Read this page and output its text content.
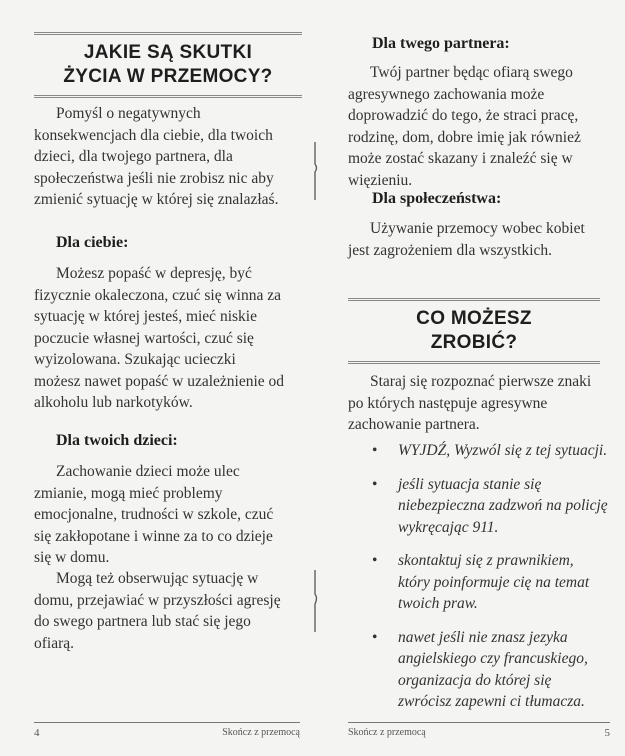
JAKIE SĄ SKUTKI
ŻYCIA W PRZEMOCY?

Pomyśl o negatywnych konsekwencjach dla ciebie, dla twoich dzieci, dla twojego partnera, dla społeczeństwa jeśli nie zrobisz nic aby zmienić sytuację w której się znalazłaś.

Dla ciebie:

Możesz popaść w depresję, być fizycznie okaleczona, czuć się winna za sytuację w której jesteś, mieć niskie poczucie własnej wartości, czuć się wyizolowana. Szukając ucieczki możesz nawet popaść w uzależnienie od alkoholu lub narkotyków.

Dla twoich dzieci:

Zachowanie dzieci może ulec zmianie, mogą mieć problemy emocjonalne, trudności w szkole, czuć się zakłopotane i winne za to co dzieje się w domu.

Mogą też obserwując sytuację w domu, przejawiać w przyszłości agresję do swego partnera lub stać się jego ofiarą.

4	Skończ z przemocą
Dla twego partnera:

Twój partner będąc ofiarą swego agresywnego zachowania może doprowadzić do tego, że straci pracę, rodzinę, dom, dobre imię jak również może zostać skazany i znaleźć się w więzieniu.

Dla społeczeństwa:

Używanie przemocy wobec kobiet jest zagrożeniem dla wszystkich.

CO MOŻESZ
ZROBIĆ?

Staraj się rozpoznać pierwsze znaki po których następuje agresywne zachowanie partnera.

• WYJDŹ, Wyzwól się z tej sytuacji.
• jeśli sytuacja stanie się niebezpieczna zadzwoń na policję wykręcając 911.
• skontaktuj się z prawnikiem, który poinformuje cię na temat twoich praw.
• nawet jeśli nie znasz jezyka angielskiego czy francuskiego, organizacja do której się zwrócisz zapewni ci tłumacza.
Skończ z przemocą	5
